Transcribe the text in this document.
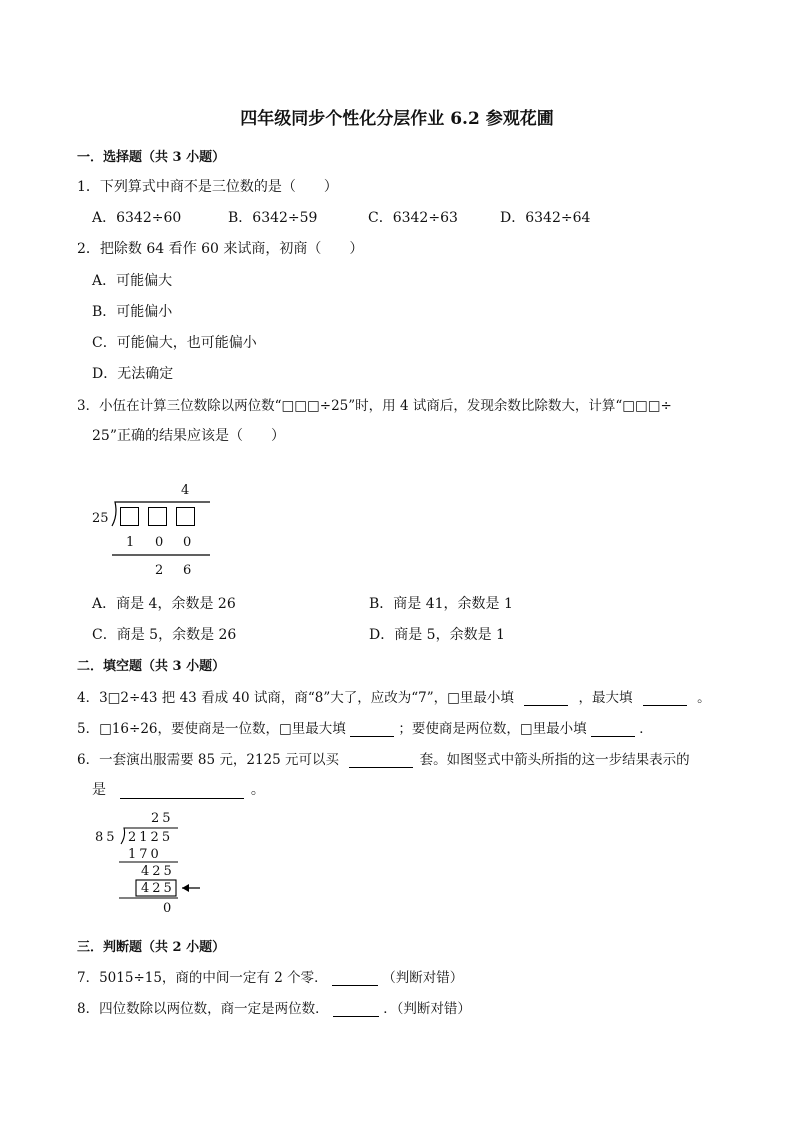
四年级同步个性化分层作业 6.2 参观花圃
一．选择题（共 3 小题）
1．下列算式中商不是三位数的是（　　）
A．6342÷60	B．6342÷59	C．6342÷63	D．6342÷64
2．把除数 64 看作 60 来试商，初商（　　）
A．可能偏大
B．可能偏小
C．可能偏大，也可能偏小
D．无法确定
3．小伍在计算三位数除以两位数“□□□÷25”时，用 4 试商后，发现余数比除数大，计算“□□□÷
25”正确的结果应该是（　　）
4
25
1 0 0
2 6
A．商是 4，余数是 26	B．商是 41，余数是 1
C．商是 5，余数是 26	D．商是 5，余数是 1
二．填空题（共 3 小题）
4．3□2÷43 把 43 看成 40 试商，商“8”大了，应改为“7”，□里最小填	，最大填	。
5．□16÷26，要使商是一位数，□里最大填	；要使商是两位数，□里最小填	．
6．一套演出服需要 85 元，2125 元可以买	套。如图竖式中箭头所指的这一步结果表示的
是	。
25
85 2125
170
425
425
0
三．判断题（共 2 小题）
7．5015÷15，商的中间一定有 2 个零．	（判断对错）
8．四位数除以两位数，商一定是两位数．	．（判断对错）
